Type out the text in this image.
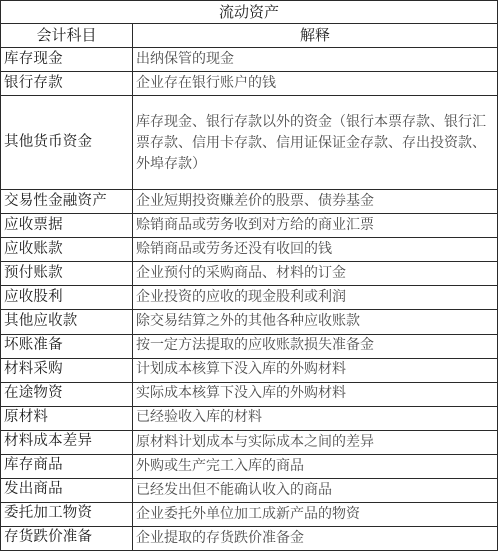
流动资产	
会计科目	解释
库存现金	出纳保管的现金
银行存款	企业存在银行账户的钱
其他货币资金	库存现金、银行存款以外的资金（银行本票存款、银行汇票存款、信用卡存款、信用证保证金存款、存出投资款、外埠存款）
交易性金融资产	企业短期投资赚差价的股票、债券基金
应收票据	赊销商品或劳务收到对方给的商业汇票
应收账款	赊销商品或劳务还没有收回的钱
预付账款	企业预付的采购商品、材料的订金
应收股利	企业投资的应收的现金股利或利润
其他应收款	除交易结算之外的其他各种应收账款
坏账准备	按一定方法提取的应收账款损失准备金
材料采购	计划成本核算下没入库的外购材料
在途物资	实际成本核算下没入库的外购材料
原材料	已经验收入库的材料
材料成本差异	原材料计划成本与实际成本之间的差异
库存商品	外购或生产完工入库的商品
发出商品	已经发出但不能确认收入的商品
委托加工物资	企业委托外单位加工成新产品的物资
存货跌价准备	企业提取的存货跌价准备金
